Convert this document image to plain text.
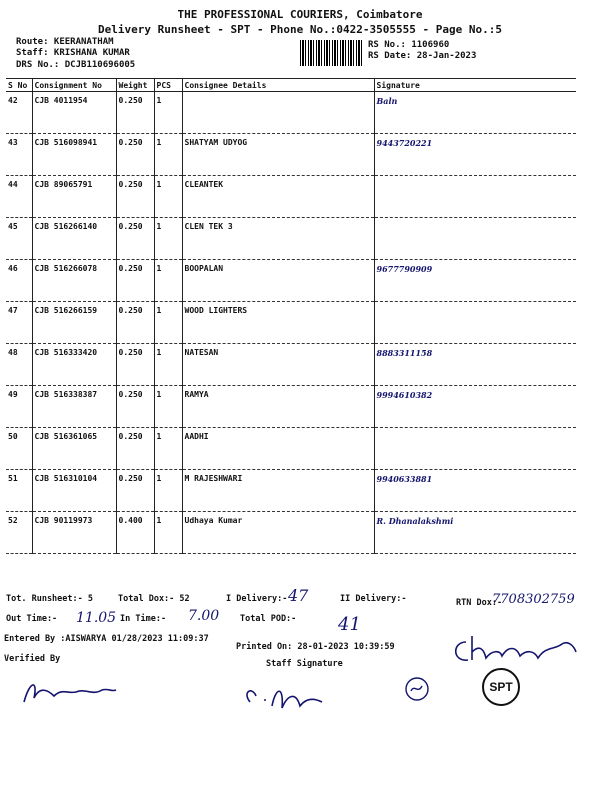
THE PROFESSIONAL COURIERS, Coimbatore
Delivery Runsheet - SPT - Phone No.:0422-3505555 - Page No.:5
Route: KEERANATHAM
Staff: KRISHANA KUMAR
DRS No.: DCJB110696005
RS No.: 1106960
RS Date: 28-Jan-2023
S No	Consignment No	Weight	PCS	Consignee Details	Signature
42	CJB 4011954	0.250	1		Baln
43	CJB 516098941	0.250	1	SHATYAM UDYOG	9443720221
44	CJB 89065791	0.250	1	CLEANTEK	
45	CJB 516266140	0.250	1	CLEN TEK 3	
46	CJB 516266078	0.250	1	BOOPALAN	9677790909
47	CJB 516266159	0.250	1	WOOD LIGHTERS	
48	CJB 516333420	0.250	1	NATESAN	8883311158
49	CJB 516338387	0.250	1	RAMYA	9994610382
50	CJB 516361065	0.250	1	AADHI	
51	CJB 516310104	0.250	1	M RAJESHWARI	9940633881
52	CJB 90119973	0.400	1	Udhaya Kumar	R. Dhanalakshmi
Tot. Runsheet:- 5	Total Dox:- 52	I Delivery:- 47	II Delivery:-	RTN Dox:-
7708302759
Out Time:- 11.05 In Time:- 7.00 Total POD:- 41
Entered By :AISWARYA 01/28/2023 11:09:37
Printed On: 28-01-2023 10:39:59
Verified By	Staff Signature
SPT
